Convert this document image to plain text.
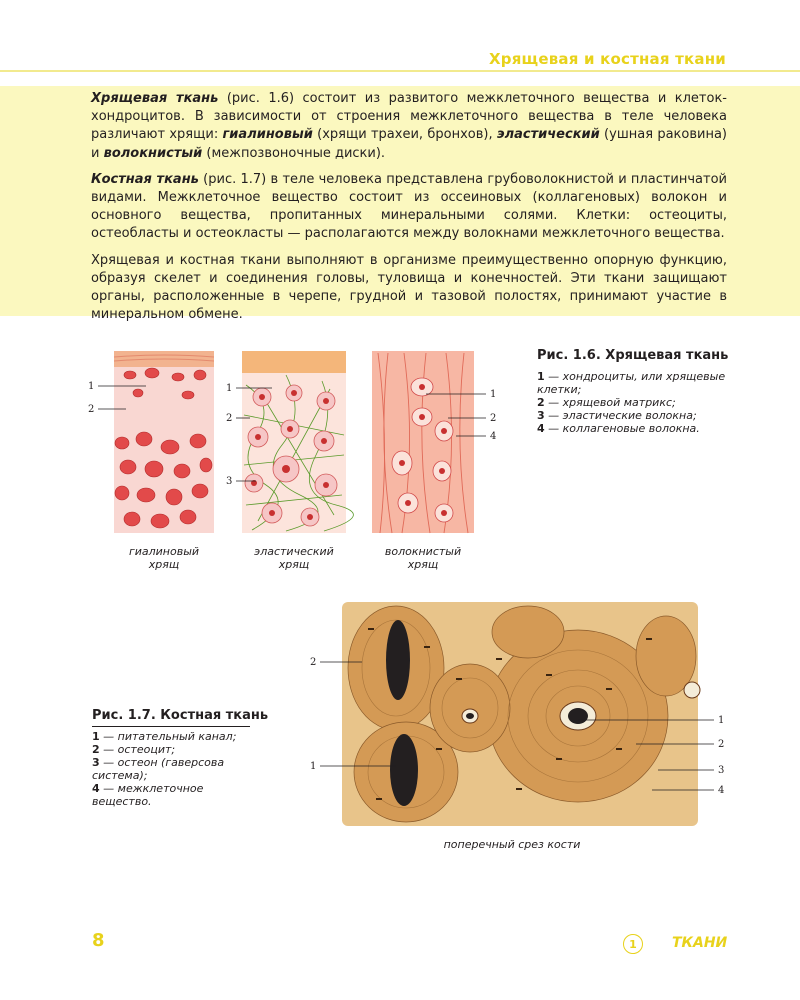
Хрящевая и костная ткани

Хрящевая ткань (рис. 1.6) состоит из развитого межклеточного вещества и клеток-хондроцитов. В зависимости от строения межклеточного вещества в теле человека различают хрящи: гиалиновый (хрящи трахеи, бронхов), эластический (ушная раковина) и волокнистый (межпозвоночные диски).

Костная ткань (рис. 1.7) в теле человека представлена грубоволокнистой и пластинчатой видами. Межклеточное вещество состоит из оссеиновых (коллагеновых) волокон и основного вещества, пропитанных минеральными солями. Клетки: остеоциты, остеобласты и остеокласты — располагаются между волокнами межклеточного вещества.

Хрящевая и костная ткани выполняют в организме преимущественно опорную функцию, образуя скелет и соединения головы, туловища и конечностей. Эти ткани защищают органы, расположенные в черепе, грудной и тазовой полостях, принимают участие в минеральном обмене.

1
2
1
2
3
1
2
4
гиалиновый хрящ
эластический хрящ
волокнистый хрящ
Рис. 1.6. Хрящевая ткань
1 — хондроциты, или хрящевые клетки;
2 — хрящевой матрикс;
3 — эластические волокна;
4 — коллагеновые волокна.
2
1
1
2
3
4
поперечный срез кости
Рис. 1.7. Костная ткань
1 — питательный канал;
2 — остеоцит;
3 — остеон (гаверсова система);
4 — межклеточное вещество.
8	1	ТКАНИ
